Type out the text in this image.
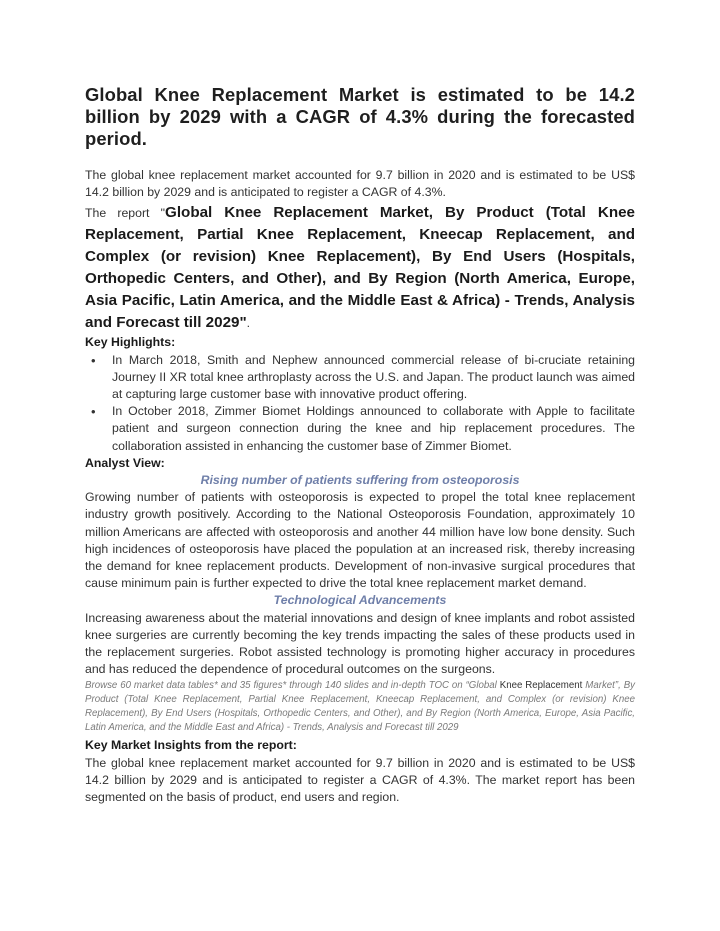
Global Knee Replacement Market is estimated to be 14.2 billion by 2029 with a CAGR of 4.3% during the forecasted period.

The global knee replacement market accounted for 9.7 billion in 2020 and is estimated to be US$ 14.2 billion by 2029 and is anticipated to register a CAGR of 4.3%.

The report "Global Knee Replacement Market, By Product (Total Knee Replacement, Partial Knee Replacement, Kneecap Replacement, and Complex (or revision) Knee Replacement), By End Users (Hospitals, Orthopedic Centers, and Other), and By Region (North America, Europe, Asia Pacific, Latin America, and the Middle East & Africa) - Trends, Analysis and Forecast till 2029".

Key Highlights:

• In March 2018, Smith and Nephew announced commercial release of bi-cruciate retaining Journey II XR total knee arthroplasty across the U.S. and Japan. The product launch was aimed at capturing large customer base with innovative product offering.
• In October 2018, Zimmer Biomet Holdings announced to collaborate with Apple to facilitate patient and surgeon connection during the knee and hip replacement procedures. The collaboration assisted in enhancing the customer base of Zimmer Biomet.

Analyst View:

Rising number of patients suffering from osteoporosis

Growing number of patients with osteoporosis is expected to propel the total knee replacement industry growth positively. According to the National Osteoporosis Foundation, approximately 10 million Americans are affected with osteoporosis and another 44 million have low bone density. Such high incidences of osteoporosis have placed the population at an increased risk, thereby increasing the demand for knee replacement products. Development of non-invasive surgical procedures that cause minimum pain is further expected to drive the total knee replacement market demand.

Technological Advancements

Increasing awareness about the material innovations and design of knee implants and robot assisted knee surgeries are currently becoming the key trends impacting the sales of these products used in the replacement surgeries. Robot assisted technology is promoting higher accuracy in procedures and has reduced the dependence of procedural outcomes on the surgeons.

Browse 60 market data tables* and 35 figures* through 140 slides and in-depth TOC on “Global Knee Replacement Market”, By Product (Total Knee Replacement, Partial Knee Replacement, Kneecap Replacement, and Complex (or revision) Knee Replacement), By End Users (Hospitals, Orthopedic Centers, and Other), and By Region (North America, Europe, Asia Pacific, Latin America, and the Middle East and Africa) - Trends, Analysis and Forecast till 2029

Key Market Insights from the report:

The global knee replacement market accounted for 9.7 billion in 2020 and is estimated to be US$ 14.2 billion by 2029 and is anticipated to register a CAGR of 4.3%. The market report has been segmented on the basis of product, end users and region.
